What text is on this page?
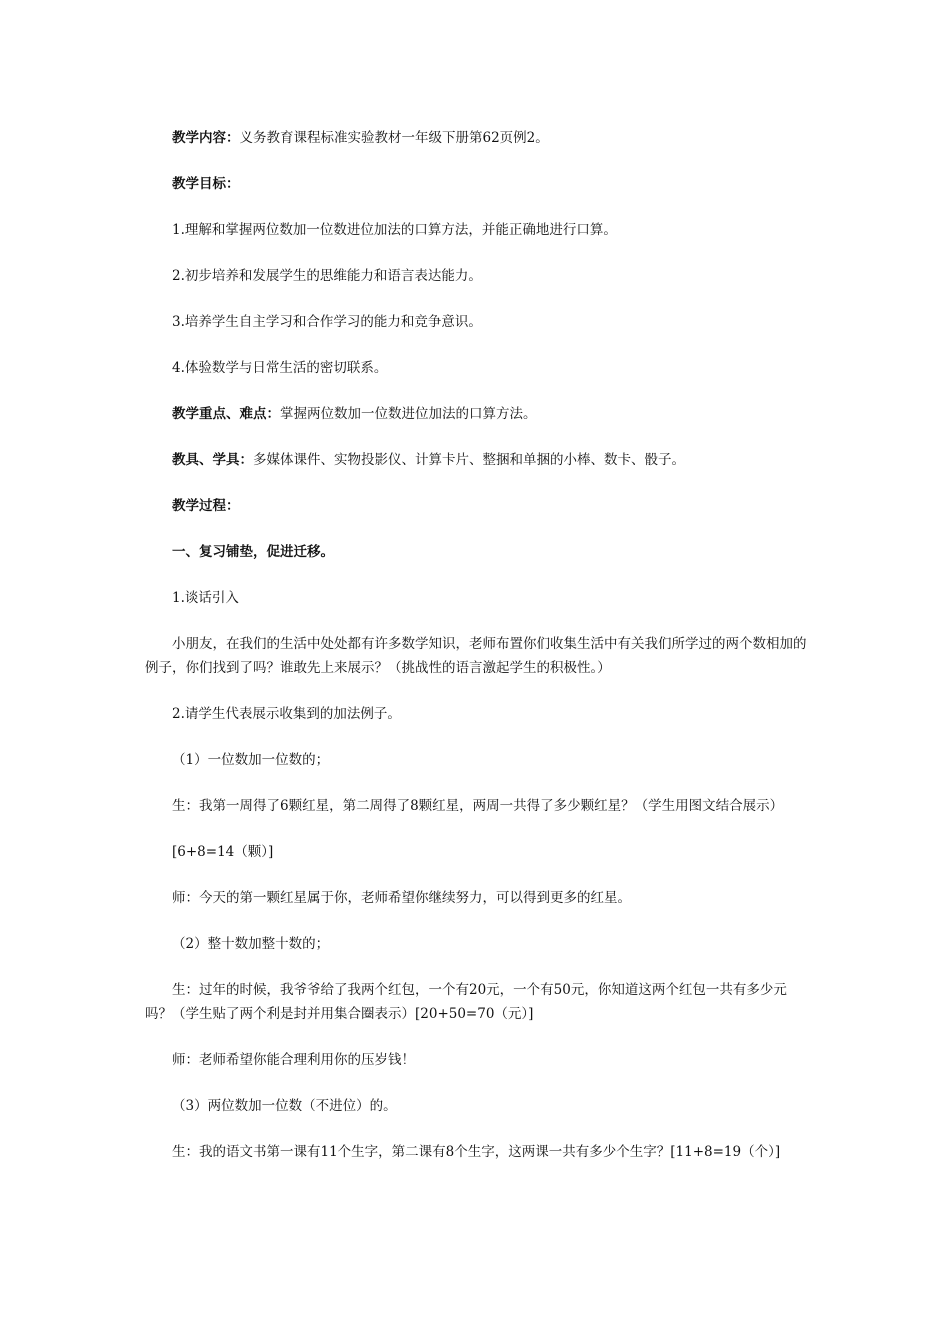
教学内容：义务教育课程标准实验教材一年级下册第62页例2。

教学目标：

1.理解和掌握两位数加一位数进位加法的口算方法，并能正确地进行口算。

2.初步培养和发展学生的思维能力和语言表达能力。

3.培养学生自主学习和合作学习的能力和竞争意识。

4.体验数学与日常生活的密切联系。

教学重点、难点：掌握两位数加一位数进位加法的口算方法。

教具、学具：多媒体课件、实物投影仪、计算卡片、整捆和单捆的小棒、数卡、骰子。

教学过程：

一、复习铺垫，促进迁移。

1.谈话引入

小朋友，在我们的生活中处处都有许多数学知识，老师布置你们收集生活中有关我们所学过的两个数相加的例子，你们找到了吗？谁敢先上来展示？（挑战性的语言激起学生的积极性。）

2.请学生代表展示收集到的加法例子。

（1）一位数加一位数的；

生：我第一周得了6颗红星，第二周得了8颗红星，两周一共得了多少颗红星？（学生用图文结合展示）

[6+8=14（颗）]

师：今天的第一颗红星属于你，老师希望你继续努力，可以得到更多的红星。

（2）整十数加整十数的；

生：过年的时候，我爷爷给了我两个红包，一个有20元，一个有50元，你知道这两个红包一共有多少元吗？（学生贴了两个利是封并用集合圈表示）[20+50=70（元）]

师：老师希望你能合理利用你的压岁钱！

（3）两位数加一位数（不进位）的。

生：我的语文书第一课有11个生字，第二课有8个生字，这两课一共有多少个生字？[11+8=19（个）]
